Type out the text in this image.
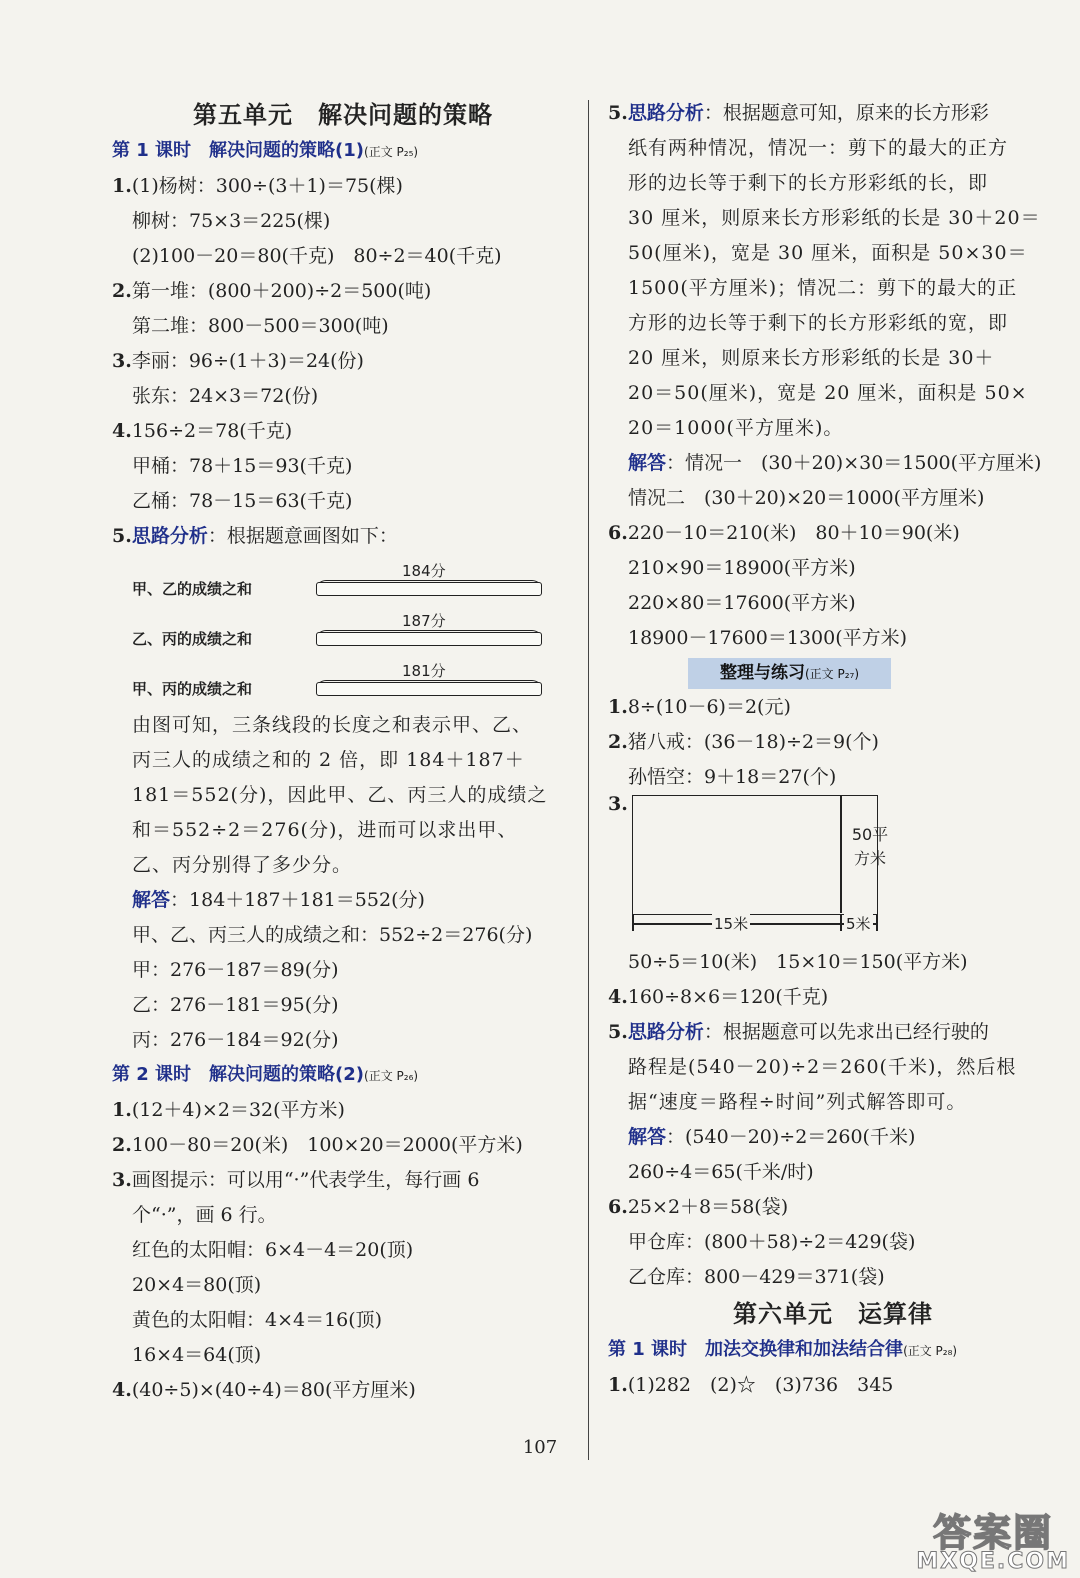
第五单元　解决问题的策略
第 1 课时　解决问题的策略(1)(正文 P₂₅)
1.(1)杨树：300÷(3＋1)＝75(棵)
柳树：75×3＝225(棵)
(2)100－20＝80(千克)　80÷2＝40(千克)
2.第一堆：(800＋200)÷2＝500(吨)
第二堆：800－500＝300(吨)
3.李丽：96÷(1＋3)＝24(份)
张东：24×3＝72(份)
4.156÷2＝78(千克)
甲桶：78＋15＝93(千克)
乙桶：78－15＝63(千克)
5.思路分析：根据题意画图如下：
184分
甲、乙的成绩之和
187分
乙、丙的成绩之和
181分
甲、丙的成绩之和
由图可知，三条线段的长度之和表示甲、乙、
丙三人的成绩之和的 2 倍，即 184＋187＋
181＝552(分)，因此甲、乙、丙三人的成绩之
和＝552÷2＝276(分)，进而可以求出甲、
乙、丙分别得了多少分。
解答：184＋187＋181＝552(分)
甲、乙、丙三人的成绩之和：552÷2＝276(分)
甲：276－187＝89(分)
乙：276－181＝95(分)
丙：276－184＝92(分)
第 2 课时　解决问题的策略(2)(正文 P₂₆)
1.(12＋4)×2＝32(平方米)
2.100－80＝20(米)　100×20＝2000(平方米)
3.画图提示：可以用“·”代表学生，每行画 6
个“·”，画 6 行。
红色的太阳帽：6×4－4＝20(顶)
20×4＝80(顶)
黄色的太阳帽：4×4＝16(顶)
16×4＝64(顶)
4.(40÷5)×(40÷4)＝80(平方厘米)
5.思路分析：根据题意可知，原来的长方形彩
纸有两种情况，情况一：剪下的最大的正方
形的边长等于剩下的长方形彩纸的长，即
30 厘米，则原来长方形彩纸的长是 30＋20＝
50(厘米)，宽是 30 厘米，面积是 50×30＝
1500(平方厘米)；情况二：剪下的最大的正
方形的边长等于剩下的长方形彩纸的宽，即
20 厘米，则原来长方形彩纸的长是 30＋
20＝50(厘米)，宽是 20 厘米，面积是 50×
20＝1000(平方厘米)。
解答：情况一　(30＋20)×30＝1500(平方厘米)
情况二　(30＋20)×20＝1000(平方厘米)
6.220－10＝210(米)　80＋10＝90(米)
210×90＝18900(平方米)
220×80＝17600(平方米)
18900－17600＝1300(平方米)
整理与练习(正文 P₂₇)
1.8÷(10－6)＝2(元)
2.猪八戒：(36－18)÷2＝9(个)
孙悟空：9＋18＝27(个)
3.
50平
方米
15米	5米
50÷5＝10(米)　15×10＝150(平方米)
4.160÷8×6＝120(千克)
5.思路分析：根据题意可以先求出已经行驶的
路程是(540－20)÷2＝260(千米)，然后根
据“速度＝路程÷时间”列式解答即可。
解答：(540－20)÷2＝260(千米)
260÷4＝65(千米/时)
6.25×2＋8＝58(袋)
甲仓库：(800＋58)÷2＝429(袋)
乙仓库：800－429＝371(袋)
第六单元　运算律
第 1 课时　加法交换律和加法结合律(正文 P₂₈)
1.(1)282　(2)☆　(3)736　345
107
答案圈
MXQE.COM
